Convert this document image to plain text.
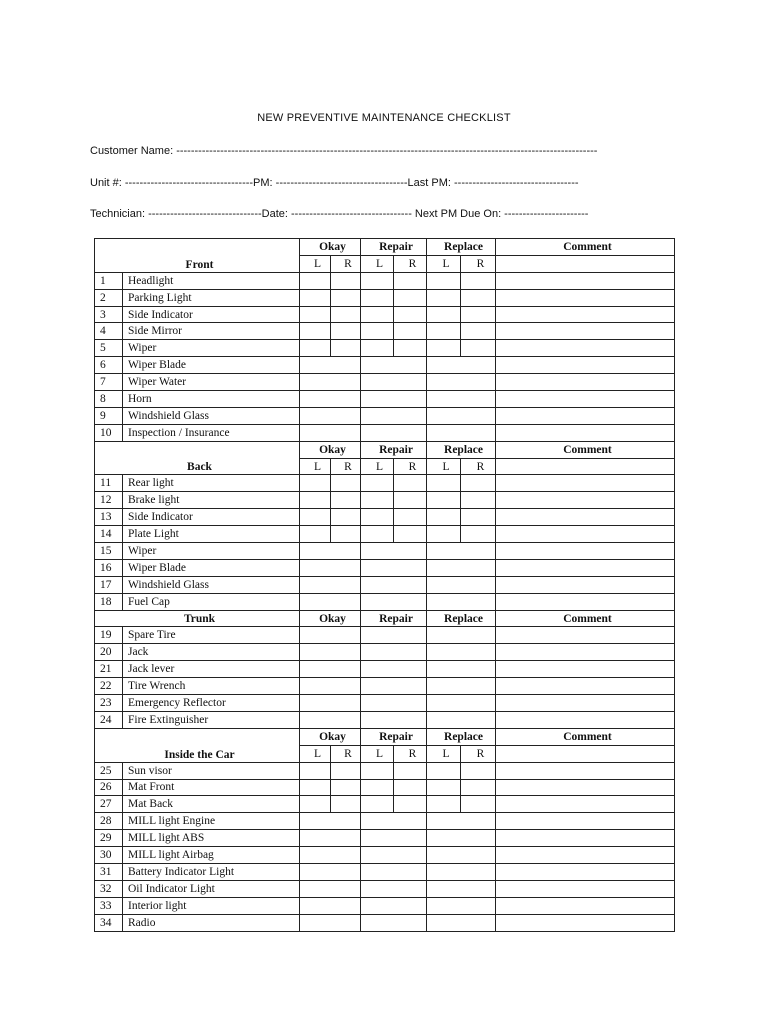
NEW PREVENTIVE MAINTENANCE CHECKLIST
Customer Name: -------------------------------------------------------------------------------------------------------------------
Unit #: -----------------------------------PM: ------------------------------------Last PM: ----------------------------------
Technician: -------------------------------Date: --------------------------------- Next PM Due On: -----------------------
Front		Okay		Repair		Replace		Comment
		L	R	L	R	L	R	
1	Headlight							
2	Parking Light							
3	Side Indicator							
4	Side Mirror							
5	Wiper							
6	Wiper Blade							
7	Wiper Water							
8	Horn							
9	Windshield Glass							
10	Inspection / Insurance							
Back		Okay		Repair		Replace		Comment
		L	R	L	R	L	R	
11	Rear light							
12	Brake light							
13	Side Indicator							
14	Plate Light							
15	Wiper							
16	Wiper Blade							
17	Windshield Glass							
18	Fuel Cap							
Trunk		Okay		Repair		Replace		Comment
19	Spare Tire							
20	Jack							
21	Jack lever							
22	Tire Wrench							
23	Emergency Reflector							
24	Fire Extinguisher							
Inside the Car		Okay		Repair		Replace		Comment
		L	R	L	R	L	R	
25	Sun visor							
26	Mat Front							
27	Mat Back							
28	MILL light Engine							
29	MILL light ABS							
30	MILL light Airbag							
31	Battery Indicator Light							
32	Oil Indicator Light							
33	Interior light							
34	Radio							
